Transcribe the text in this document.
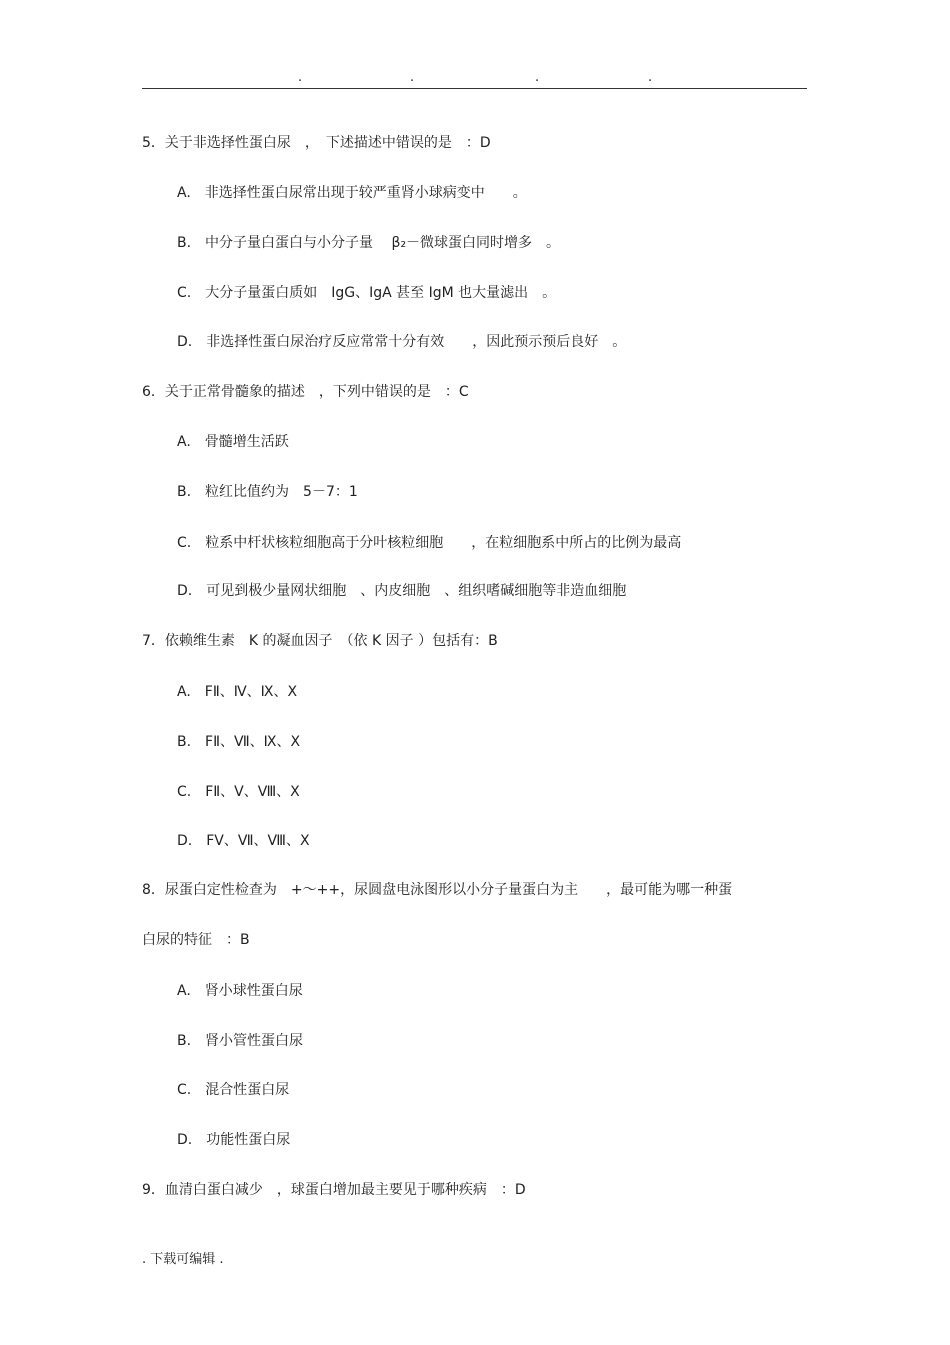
.	.	.	.
5．关于非选择性蛋白尿　，　下述描述中错误的是　：D
A.　非选择性蛋白尿常出现于较严重肾小球病变中　　。
B.　中分子量白蛋白与小分子量　 β₂－微球蛋白同时增多　。
C.　大分子量蛋白质如　IgG、IgA 甚至 IgM 也大量滤出　。
D.　非选择性蛋白尿治疗反应常常十分有效　　，因此预示预后良好　。
6．关于正常骨髓象的描述　，下列中错误的是　：C
A.　骨髓增生活跃
B.　粒红比值约为　5－7：1
C.　粒系中杆状核粒细胞高于分叶核粒细胞　　，在粒细胞系中所占的比例为最高
D.　可见到极少量网状细胞　、内皮细胞　、组织嗜碱细胞等非造血细胞
7．依赖维生素　K 的凝血因子　（依 K 因子 ）包括有：B
A.　FⅡ、Ⅳ、Ⅸ、Ⅹ
B.　FⅡ、Ⅶ、Ⅸ、Ⅹ
C.　FⅡ、Ⅴ、Ⅷ、Ⅹ
D.　FⅤ、Ⅶ、Ⅷ、Ⅹ
8．尿蛋白定性检查为　+～++，尿圆盘电泳图形以小分子量蛋白为主　　，最可能为哪一种蛋
白尿的特征　：B
A.　肾小球性蛋白尿
B.　肾小管性蛋白尿
C.　混合性蛋白尿
D.　功能性蛋白尿
9．血清白蛋白减少　，球蛋白增加最主要见于哪种疾病　：D
. 下载可编辑 .
